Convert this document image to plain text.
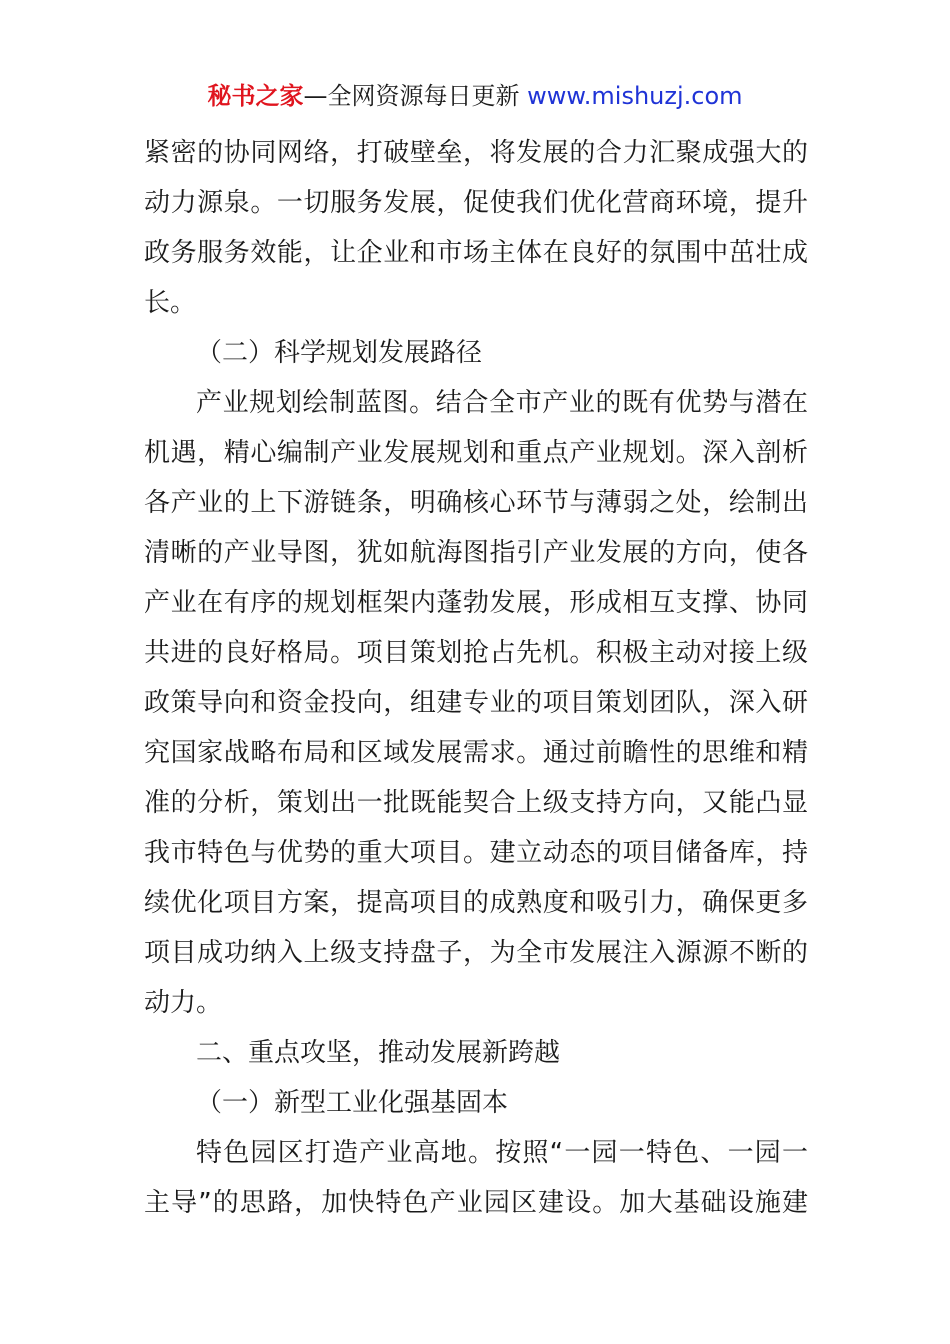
秘书之家—全网资源每日更新 www.mishuzj.com
紧密的协同网络，打破壁垒，将发展的合力汇聚成强大的
动力源泉。一切服务发展，促使我们优化营商环境，提升
政务服务效能，让企业和市场主体在良好的氛围中茁壮成
长。
（二）科学规划发展路径
产业规划绘制蓝图。结合全市产业的既有优势与潜在
机遇，精心编制产业发展规划和重点产业规划。深入剖析
各产业的上下游链条，明确核心环节与薄弱之处，绘制出
清晰的产业导图，犹如航海图指引产业发展的方向，使各
产业在有序的规划框架内蓬勃发展，形成相互支撑、协同
共进的良好格局。项目策划抢占先机。积极主动对接上级
政策导向和资金投向，组建专业的项目策划团队，深入研
究国家战略布局和区域发展需求。通过前瞻性的思维和精
准的分析，策划出一批既能契合上级支持方向，又能凸显
我市特色与优势的重大项目。建立动态的项目储备库，持
续优化项目方案，提高项目的成熟度和吸引力，确保更多
项目成功纳入上级支持盘子，为全市发展注入源源不断的
动力。
二、重点攻坚，推动发展新跨越
（一）新型工业化强基固本
特色园区打造产业高地。按照“一园一特色、一园一
主导”的思路，加快特色产业园区建设。加大基础设施建
